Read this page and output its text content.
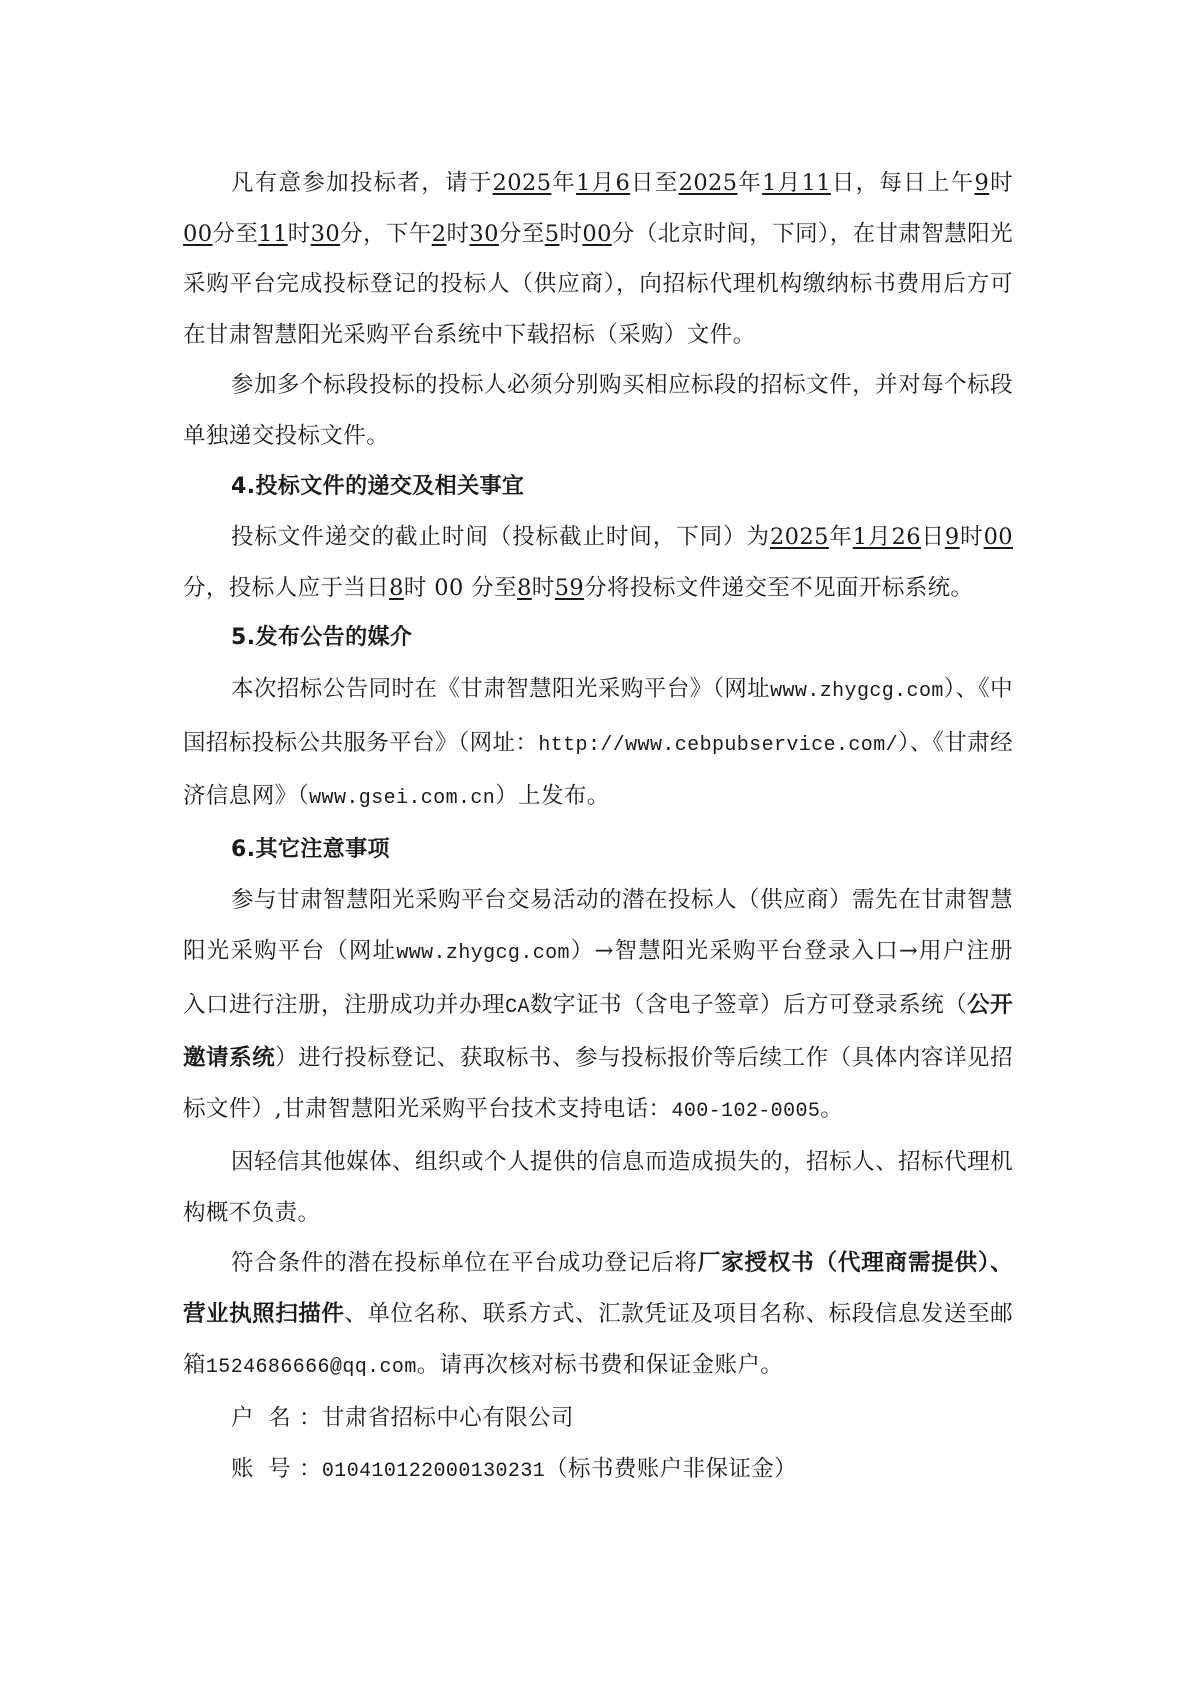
凡有意参加投标者，请于2025年1月6日至2025年1月11日，每日上午9时00分至11时30分，下午2时30分至5时00分（北京时间，下同），在甘肃智慧阳光采购平台完成投标登记的投标人（供应商），向招标代理机构缴纳标书费用后方可在甘肃智慧阳光采购平台系统中下载招标（采购）文件。

参加多个标段投标的投标人必须分别购买相应标段的招标文件，并对每个标段单独递交投标文件。

4.投标文件的递交及相关事宜

投标文件递交的截止时间（投标截止时间，下同）为2025年1月26日9时00分，投标人应于当日8时 00 分至8时59分将投标文件递交至不见面开标系统。

5.发布公告的媒介

本次招标公告同时在《甘肃智慧阳光采购平台》（网址www.zhygcg.com）、《中国招标投标公共服务平台》（网址：http://www.cebpubservice.com/）、《甘肃经济信息网》（www.gsei.com.cn）上发布。

6.其它注意事项

参与甘肃智慧阳光采购平台交易活动的潜在投标人（供应商）需先在甘肃智慧阳光采购平台（网址www.zhygcg.com）→智慧阳光采购平台登录入口→用户注册入口进行注册，注册成功并办理CA数字证书（含电子签章）后方可登录系统（公开邀请系统）进行投标登记、获取标书、参与投标报价等后续工作（具体内容详见招标文件）,甘肃智慧阳光采购平台技术支持电话：400-102-0005。

因轻信其他媒体、组织或个人提供的信息而造成损失的，招标人、招标代理机构概不负责。

符合条件的潜在投标单位在平台成功登记后将厂家授权书（代理商需提供）、营业执照扫描件、单位名称、联系方式、汇款凭证及项目名称、标段信息发送至邮箱1524686666@qq.com。请再次核对标书费和保证金账户。

户 名 ：甘肃省招标中心有限公司

账 号 ：010410122000130231（标书费账户非保证金）
